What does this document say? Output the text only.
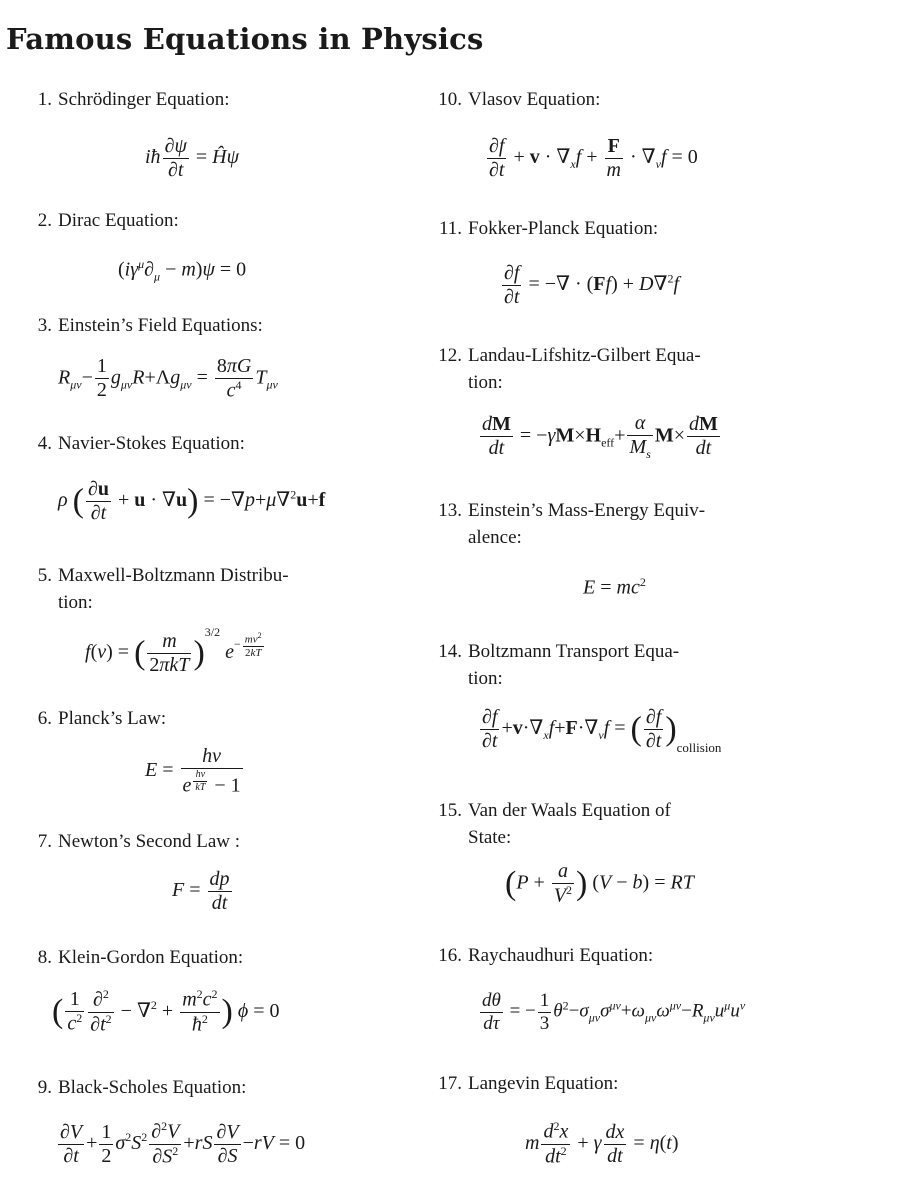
Famous Equations in Physics
1. Schrödinger Equation:
iħ $\frac{\partial\psi}{\partial t}$ = Ĥψ
2. Dirac Equation:
$(i\gamma^\mu\partial_\mu - m)\psi = 0$
3. Einstein’s Field Equations:
$R_{\mu\nu}- \frac{1}{2} g_{\mu\nu}R+\Lambda g_{\mu\nu} = \frac{8\pi G}{c^4} T_{\mu\nu}$
4. Navier-Stokes Equation:
ρ ( $\frac{\partial u}{\partial t} + u \cdot \nabla u) = -\nabla p+\mu\nabla^2u+f$
5. Maxwell-Boltzmann Distribu-
tion:
f(v) = ( $\frac{m}{\text{2πkT}} )^{3/2}$ $e^{- \frac{mv^2}{2kT}}$
6. Planck’s Law:
E = hν
e $^{\frac{h\nu}{kT}}$ − 1
7. Newton’s Second Law :
$F = \frac{dp}{dt}$
8. Klein-Gordon Equation:
( $\frac{1}{c^2} \frac{\partial^2}{\partial t^2} - \nabla^2 + \frac{m^2c^2}{ħ^2}$ ) ϕ = 0
9. Black-Scholes Equation:
$\frac{\partial V}{\partial t} + \frac{1}{2} \sigma^2S^2 \frac{\partial^2V}{\partial S^2} +rS \frac{\partial V}{\partial S} -rV = 0$
10. Vlasov Equation:
$\frac{\partial f}{\partial t} + v \cdot \nabla_xf + \frac{F}{m} \cdot \nabla_vf = 0$
11. Fokker-Planck Equation:
$\frac{\partial f}{\partial t}$ = −∇ · (Ff) + D∇$^2$f
12. Landau-Lifshitz-Gilbert Equa-
tion:
$\frac{dM}{dt} = -\gamma M\times H_{eff}+ \frac{\alpha}{M_s} M\times \frac{dM}{dt}$
13. Einstein’s Mass-Energy Equiv-
alence:
$E = mc^2$
14. Boltzmann Transport Equa-
tion:
$\frac{\partial f}{\partial t} +v\cdot\nabla_xf+F\cdot\nabla_vf$ = ( $\frac{\partial f}{\partial t} )_{collision}$
15. Van der Waals Equation of
State:
($P + \frac{a}{V^2}$ ) (V − b) = RT
16. Raychaudhuri Equation:
$\frac{d\theta}{d\tau}$ = − $\frac{1}{3} \theta^2-\sigma_{\mu\nu}\sigma^{\mu\nu}+\omega_{\mu\nu}\omega^{\mu\nu}-R_{\mu\nu}u^\mu u^\nu$
17. Langevin Equation:
m $\frac{d^2x}{dt^2} + \gamma \frac{dx}{dt} = \eta(t)$
